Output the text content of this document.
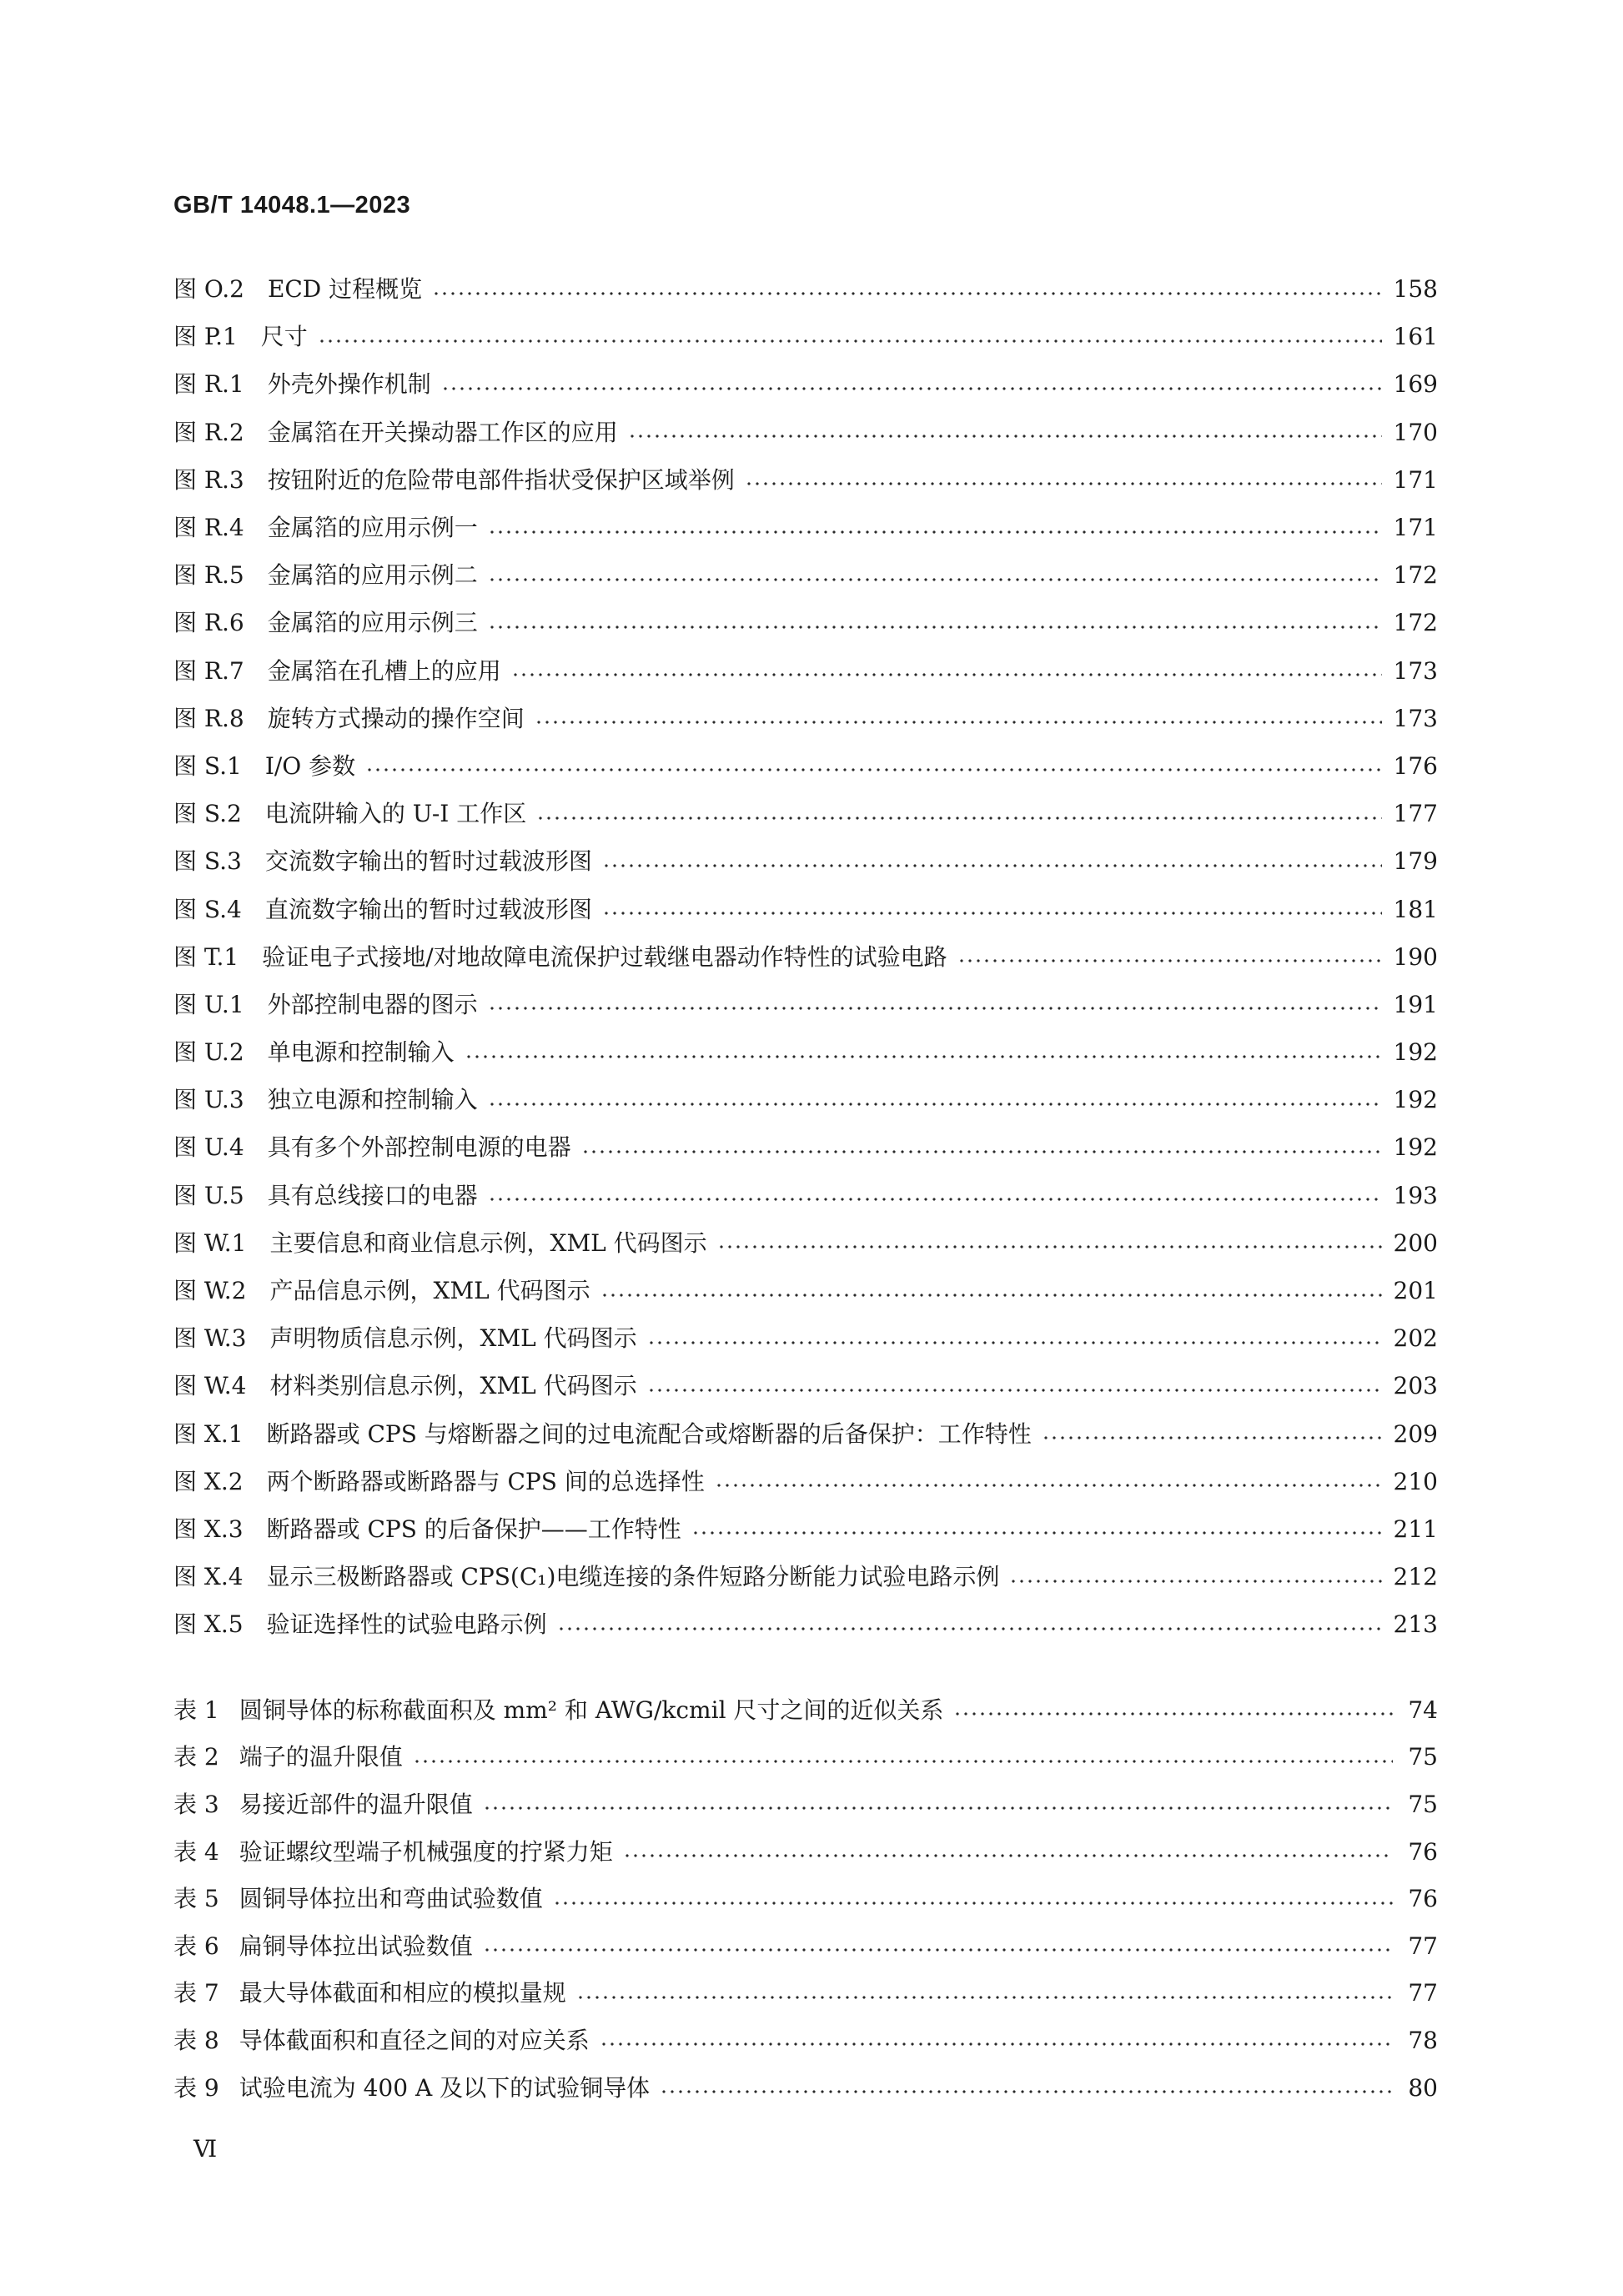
GB/T 14048.1—2023
图 O.2 ECD 过程概览	158
图 P.1 尺寸	161
图 R.1 外壳外操作机制	169
图 R.2 金属箔在开关操动器工作区的应用	170
图 R.3 按钮附近的危险带电部件指状受保护区域举例	171
图 R.4 金属箔的应用示例一	171
图 R.5 金属箔的应用示例二	172
图 R.6 金属箔的应用示例三	172
图 R.7 金属箔在孔槽上的应用	173
图 R.8 旋转方式操动的操作空间	173
图 S.1 I/O 参数	176
图 S.2 电流阱输入的 U-I 工作区	177
图 S.3 交流数字输出的暂时过载波形图	179
图 S.4 直流数字输出的暂时过载波形图	181
图 T.1 验证电子式接地/对地故障电流保护过载继电器动作特性的试验电路	190
图 U.1 外部控制电器的图示	191
图 U.2 单电源和控制输入	192
图 U.3 独立电源和控制输入	192
图 U.4 具有多个外部控制电源的电器	192
图 U.5 具有总线接口的电器	193
图 W.1 主要信息和商业信息示例，XML 代码图示	200
图 W.2 产品信息示例，XML 代码图示	201
图 W.3 声明物质信息示例，XML 代码图示	202
图 W.4 材料类别信息示例，XML 代码图示	203
图 X.1 断路器或 CPS 与熔断器之间的过电流配合或熔断器的后备保护：工作特性	209
图 X.2 两个断路器或断路器与 CPS 间的总选择性	210
图 X.3 断路器或 CPS 的后备保护——工作特性	211
图 X.4 显示三极断路器或 CPS(C₁)电缆连接的条件短路分断能力试验电路示例	212
图 X.5 验证选择性的试验电路示例	213
表 1 圆铜导体的标称截面积及 mm² 和 AWG/kcmil 尺寸之间的近似关系	74
表 2 端子的温升限值	75
表 3 易接近部件的温升限值	75
表 4 验证螺纹型端子机械强度的拧紧力矩	76
表 5 圆铜导体拉出和弯曲试验数值	76
表 6 扁铜导体拉出试验数值	77
表 7 最大导体截面和相应的模拟量规	77
表 8 导体截面积和直径之间的对应关系	78
表 9 试验电流为 400 A 及以下的试验铜导体	80
Ⅵ
